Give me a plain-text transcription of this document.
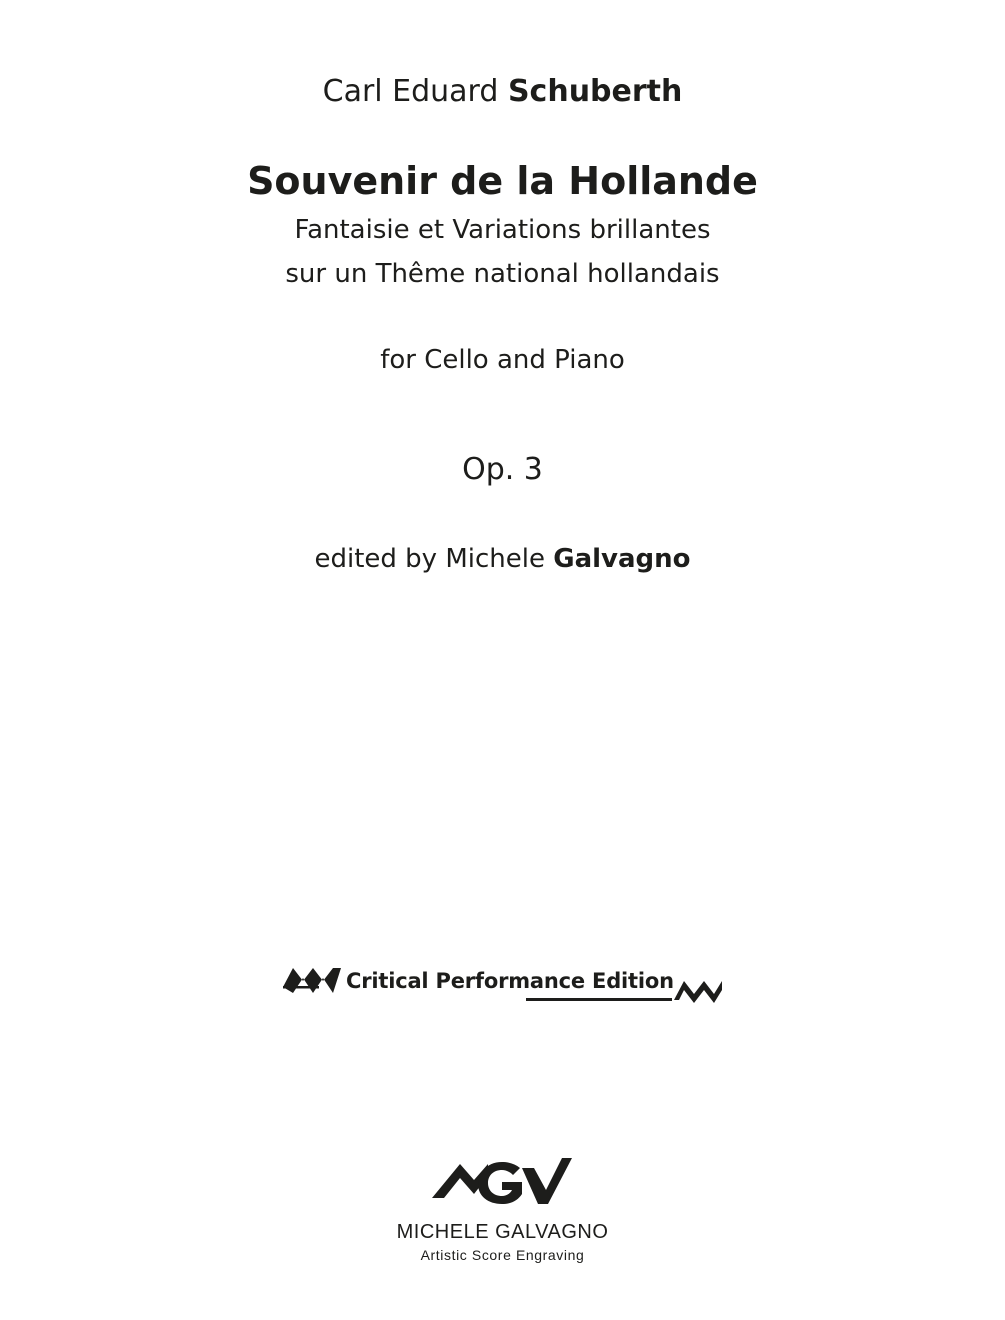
Carl Eduard Schuberth
Souvenir de la Hollande
Fantaisie et Variations brillantes
sur un Thême national hollandais
for Cello and Piano
Op. 3
edited by Michele Galvagno
Critical Performance Edition
MICHELE GALVAGNO
Artistic Score Engraving
